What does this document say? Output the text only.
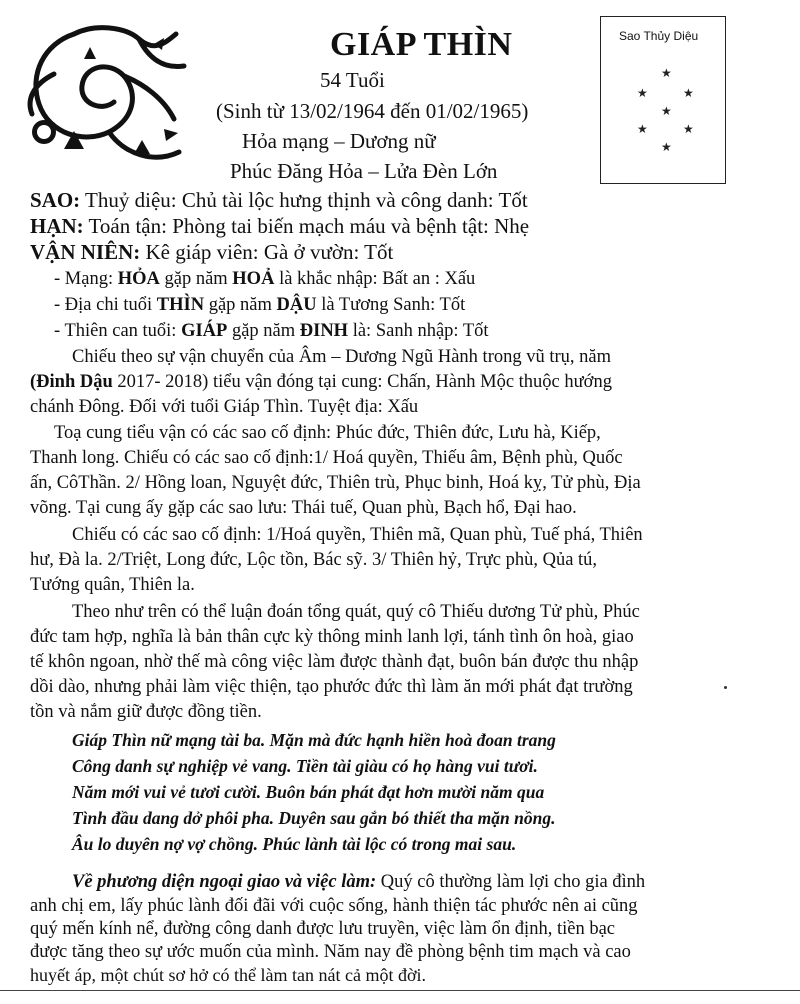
GIÁP THÌN
54 Tuổi
(Sinh từ 13/02/1964 đến 01/02/1965)
Hỏa mạng – Dương nữ
Phúc Đăng Hỏa – Lửa Đèn Lớn
Sao Thủy Diệu
★
★	★
★
★	★
★
SAO: Thuỷ diệu: Chủ tài lộc hưng thịnh và công danh: Tốt
HẠN: Toán tận: Phòng tai biến mạch máu và bệnh tật: Nhẹ
VẬN NIÊN: Kê giáp viên: Gà ở vườn: Tốt
- Mạng: HỎA gặp năm HOẢ là khắc nhập: Bất an : Xấu
- Địa chi tuổi THÌN gặp năm DẬU là Tương Sanh: Tốt
- Thiên can tuổi: GIÁP gặp năm ĐINH là: Sanh nhập: Tốt
Chiếu theo sự vận chuyển của Âm – Dương Ngũ Hành trong vũ trụ, năm
(Đinh Dậu 2017- 2018) tiểu vận đóng tại cung: Chấn, Hành Mộc thuộc hướng
chánh Đông. Đối với tuổi Giáp Thìn. Tuyệt địa: Xấu
Toạ cung tiểu vận có các sao cố định: Phúc đức, Thiên đức, Lưu hà, Kiếp,
Thanh long. Chiếu có các sao cố định:1/ Hoá quyền, Thiếu âm, Bệnh phù, Quốc
ấn, CôThần. 2/ Hồng loan, Nguyệt đức, Thiên trù, Phục binh, Hoá kỵ, Tử phù, Địa
võng. Tại cung ấy gặp các sao lưu: Thái tuế, Quan phù, Bạch hổ, Đại hao.
Chiếu có các sao cố định: 1/Hoá quyền, Thiên mã, Quan phù, Tuế phá, Thiên
hư, Đà la. 2/Triệt, Long đức, Lộc tồn, Bác sỹ. 3/ Thiên hỷ, Trực phù, Qủa tú,
Tướng quân, Thiên la.
Theo như trên có thể luận đoán tổng quát, quý cô Thiếu dương Tử phù, Phúc
đức tam hợp, nghĩa là bản thân cực kỳ thông minh lanh lợi, tánh tình ôn hoà, giao
tế khôn ngoan, nhờ thế mà công việc làm được thành đạt, buôn bán được thu nhập
dồi dào, nhưng phải làm việc thiện, tạo phước đức thì làm ăn mới phát đạt trường
tồn và nắm giữ được đồng tiền.
Giáp Thìn nữ mạng tài ba. Mặn mà đức hạnh hiền hoà đoan trang
Công danh sự nghiệp vẻ vang. Tiền tài giàu có họ hàng vui tươi.
Năm mới vui vẻ tươi cười. Buôn bán phát đạt hơn mười năm qua
Tình đầu dang dở phôi pha. Duyên sau gắn bó thiết tha mặn nồng.
Âu lo duyên nợ vợ chồng. Phúc lành tài lộc có trong mai sau.
Về phương diện ngoại giao và việc làm: Quý cô thường làm lợi cho gia đình
anh chị em, lấy phúc lành đối đãi với cuộc sống, hành thiện tác phước nên ai cũng
quý mến kính nể, đường công danh được lưu truyền, việc làm ổn định, tiền bạc
được tăng theo sự ước muốn của mình. Năm nay đề phòng bệnh tim mạch và cao
huyết áp, một chút sơ hở có thể làm tan nát cả một đời.
